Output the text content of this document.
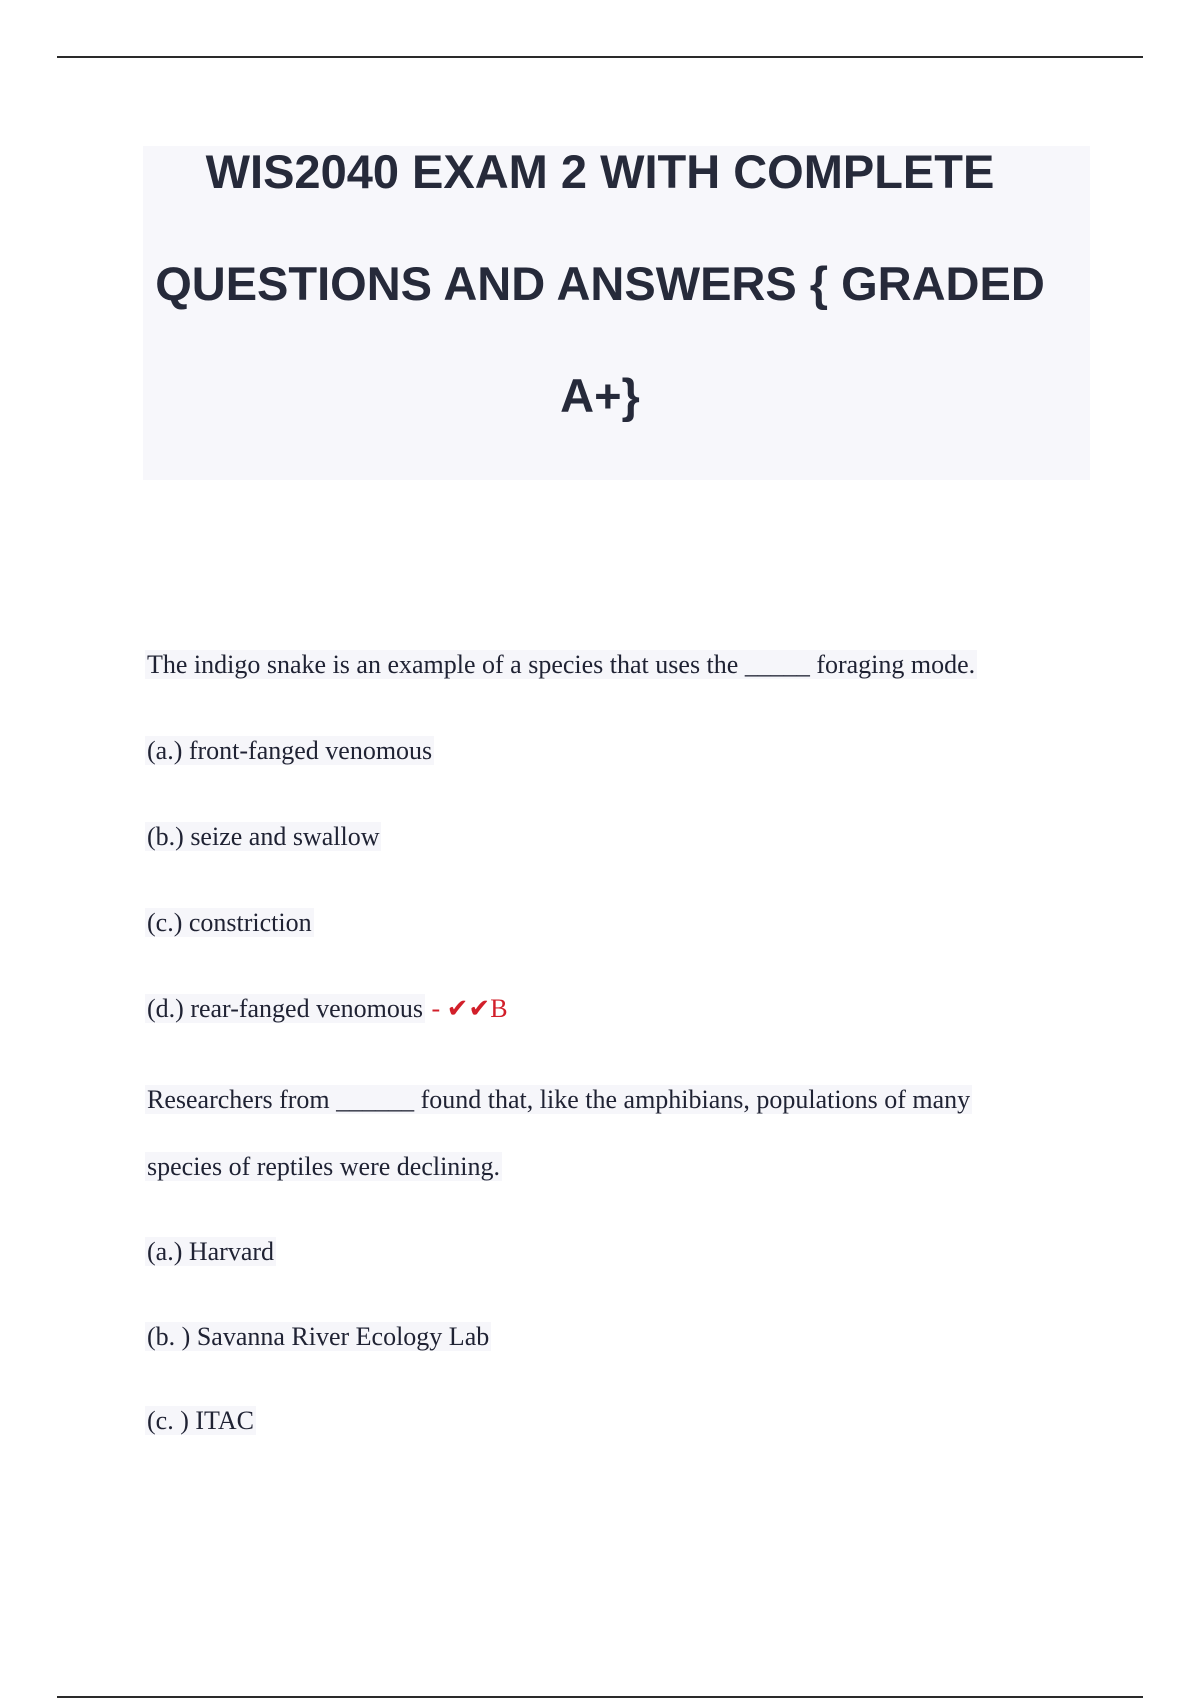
WIS2040 EXAM 2 WITH COMPLETE
QUESTIONS AND ANSWERS { GRADED
A+}
The indigo snake is an example of a species that uses the _____ foraging mode.
(a.) front-fanged venomous
(b.) seize and swallow
(c.) constriction
(d.) rear-fanged venomous - ✔✔B
Researchers from ______ found that, like the amphibians, populations of many
species of reptiles were declining.
(a.) Harvard
(b. ) Savanna River Ecology Lab
(c. ) ITAC
